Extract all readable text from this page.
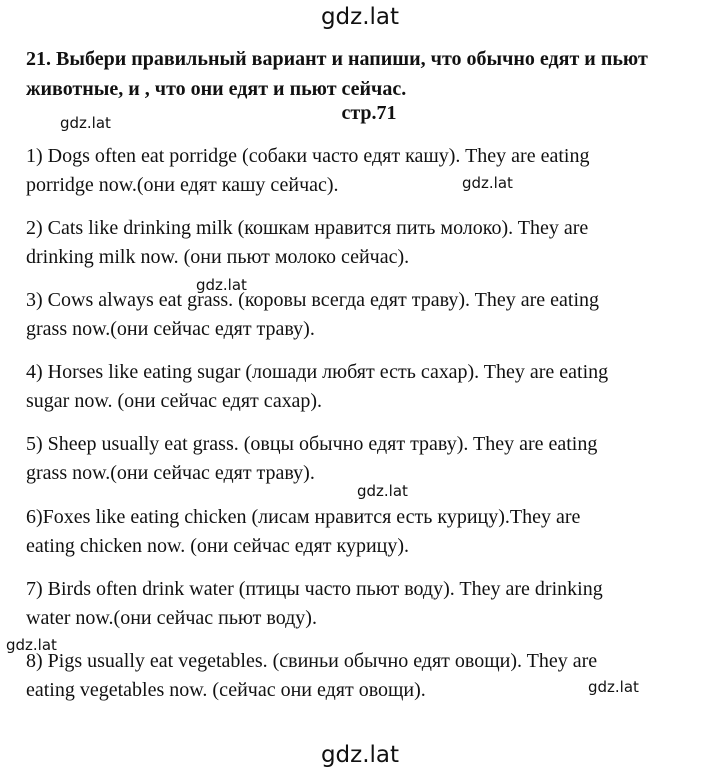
gdz.lat
21. Выбери правильный вариант и напиши, что обычно едят и пьют животные, и , что они едят и пьют сейчас.
стр.71
gdz.lat
gdz.lat
gdz.lat
gdz.lat
gdz.lat
gdz.lat
1) Dogs often eat porridge (собаки часто едят кашу). They are eating
porridge now.(они едят кашу сейчас).
2) Cats like drinking milk (кошкам нравится пить молоко). They are
drinking milk now. (они пьют молоко сейчас).
3) Cows always eat grass. (коровы всегда едят траву). They are eating
grass now.(они сейчас едят траву).
4) Horses like eating sugar (лошади любят есть сахар). They are eating
sugar now. (они сейчас едят сахар).
5) Sheep usually eat grass. (овцы обычно едят траву). They are eating
grass now.(они сейчас едят траву).
6)Foxes like eating chicken (лисам нравится есть курицу).They are
eating chicken now. (они сейчас едят курицу).
7) Birds often drink water (птицы часто пьют воду). They are drinking
water now.(они сейчас пьют воду).
8) Pigs usually eat vegetables. (свиньи обычно едят овощи). They are
eating vegetables now. (сейчас они едят овощи).
gdz.lat
